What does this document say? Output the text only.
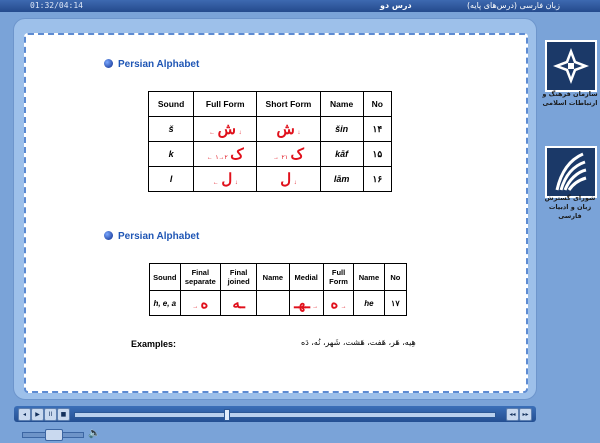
01:32/04:14	درس دو	زبان فارسی (درس‌های پایه)
Persian Alphabet
Sound	Full Form	Short Form	Name	No
š	← ش ↓	ش ↓	šin	۱۴
k	← ک ۲→۱	→ ک ۲۱	kāf	۱۵
l	← ل ↓	ل ↓	lām	۱۶
Persian Alphabet
Sound	Final separate	Final joined	Name	Medial	Full Form	Name	No
h, e, a	→ ه	ـه		ـهـ →	ه →	he	۱۷
Examples:	هِیه، هَر، هَفت، هَشت، شَهر، نُه، دَه
سازمان فرهنگ و ارتباطات اسلامی
شورای گسترش زبان و ادبیات فارسی
◂	▶	II	■	◂◂	▸▸
🔈
